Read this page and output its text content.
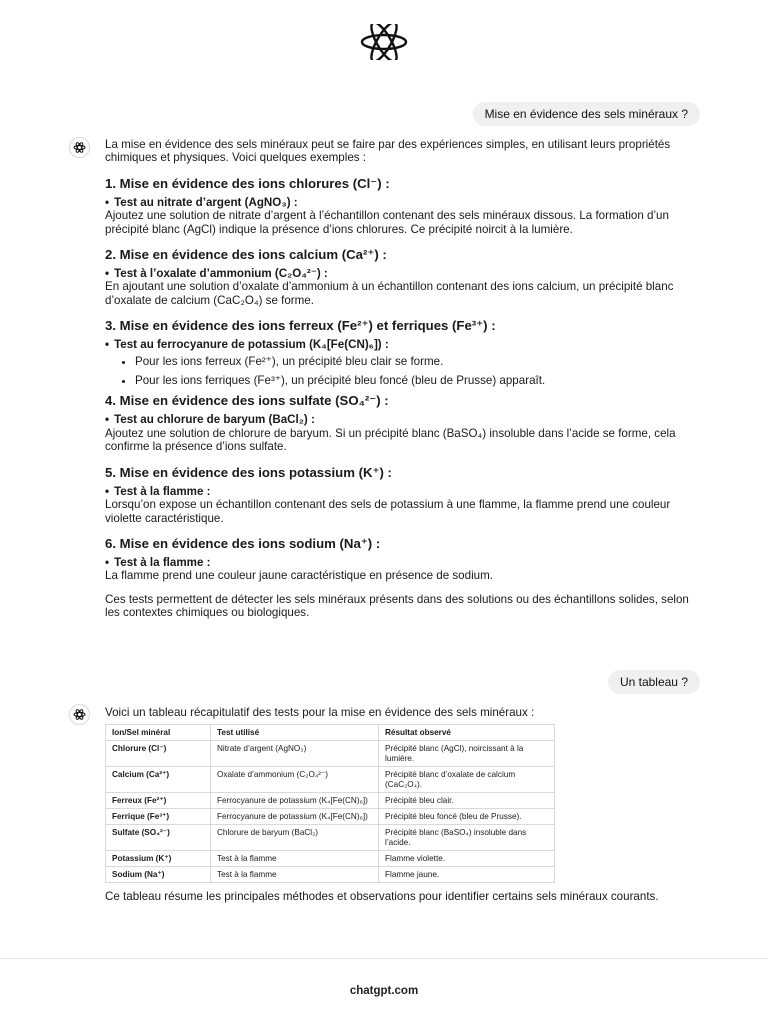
Mise en évidence des sels minéraux ?

La mise en évidence des sels minéraux peut se faire par des expériences simples, en utilisant leurs propriétés chimiques et physiques. Voici quelques exemples :

1. Mise en évidence des ions chlorures (Cl⁻) :
• Test au nitrate d’argent (AgNO₃) :

Ajoutez une solution de nitrate d’argent à l’échantillon contenant des sels minéraux dissous. La formation d’un précipité blanc (AgCl) indique la présence d’ions chlorures. Ce précipité noircit à la lumière.

2. Mise en évidence des ions calcium (Ca²⁺) :
• Test à l’oxalate d’ammonium (C₂O₄²⁻) :

En ajoutant une solution d’oxalate d’ammonium à un échantillon contenant des ions calcium, un précipité blanc d’oxalate de calcium (CaC₂O₄) se forme.

3. Mise en évidence des ions ferreux (Fe²⁺) et ferriques (Fe³⁺) :
• Test au ferrocyanure de potassium (K₄[Fe(CN)₆]) :
• Pour les ions ferreux (Fe²⁺), un précipité bleu clair se forme.
• Pour les ions ferriques (Fe³⁺), un précipité bleu foncé (bleu de Prusse) apparaît.
4. Mise en évidence des ions sulfate (SO₄²⁻) :
• Test au chlorure de baryum (BaCl₂) :

Ajoutez une solution de chlorure de baryum. Si un précipité blanc (BaSO₄) insoluble dans l’acide se forme, cela confirme la présence d’ions sulfate.

5. Mise en évidence des ions potassium (K⁺) :
• Test à la flamme :

Lorsqu’on expose un échantillon contenant des sels de potassium à une flamme, la flamme prend une couleur violette caractéristique.

6. Mise en évidence des ions sodium (Na⁺) :
• Test à la flamme :

La flamme prend une couleur jaune caractéristique en présence de sodium.

Ces tests permettent de détecter les sels minéraux présents dans des solutions ou des échantillons solides, selon les contextes chimiques ou biologiques.

Un tableau ?

Voici un tableau récapitulatif des tests pour la mise en évidence des sels minéraux :

Ion/Sel minéral	Test utilisé	Résultat observé
Chlorure (Cl⁻)	Nitrate d’argent (AgNO₃)	Précipité blanc (AgCl), noircissant à la lumière.
Calcium (Ca²⁺)	Oxalate d’ammonium (C₂O₄²⁻)	Précipité blanc d’oxalate de calcium (CaC₂O₄).
Ferreux (Fe²⁺)	Ferrocyanure de potassium (K₄[Fe(CN)₆])	Précipité bleu clair.
Ferrique (Fe³⁺)	Ferrocyanure de potassium (K₄[Fe(CN)₆])	Précipité bleu foncé (bleu de Prusse).
Sulfate (SO₄²⁻)	Chlorure de baryum (BaCl₂)	Précipité blanc (BaSO₄) insoluble dans l’acide.
Potassium (K⁺)	Test à la flamme	Flamme violette.
Sodium (Na⁺)	Test à la flamme	Flamme jaune.

Ce tableau résume les principales méthodes et observations pour identifier certains sels minéraux courants.

chatgpt.com
